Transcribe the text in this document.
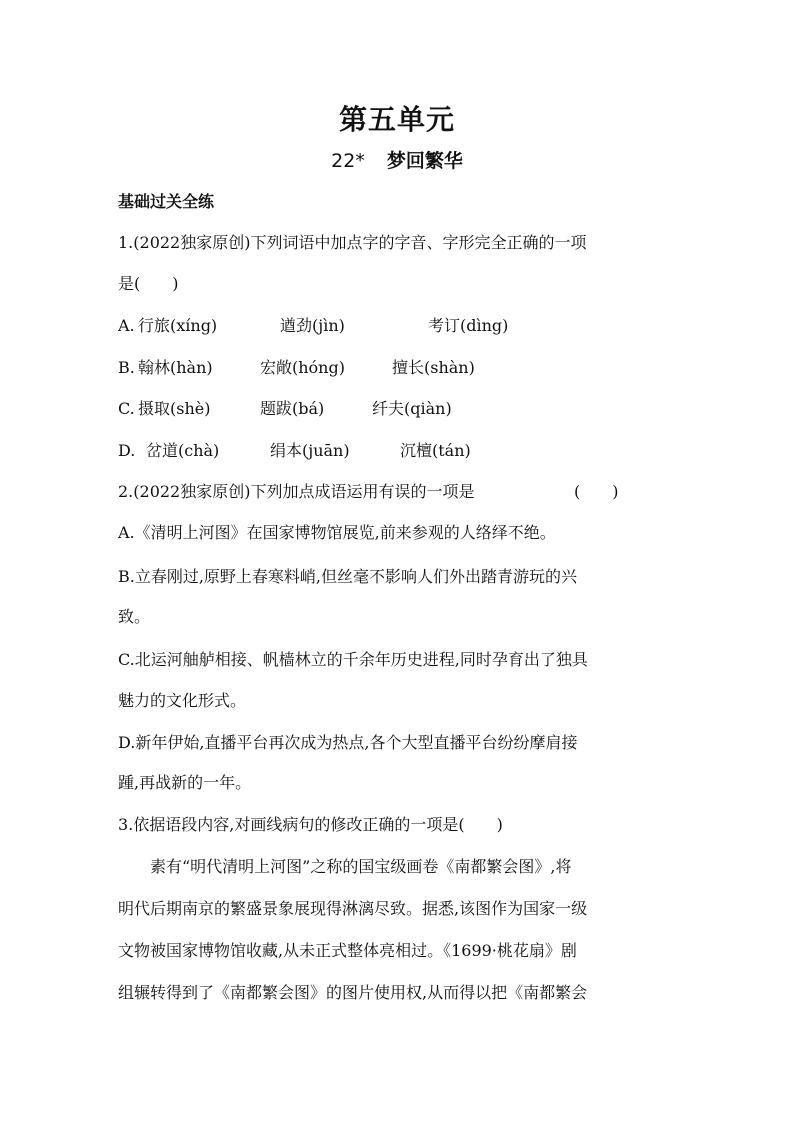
第五单元
22* 梦回繁华
基础过关全练
1.(2022独家原创)下列词语中加点字的字音、字形完全正确的一项
是(　　)
A. 行旅(xíng)	遒劲(jìn)	考订(dìng)
B. 翰林(hàn)	宏敞(hóng)	擅长(shàn)
C. 摄取(shè)	题跋(bá)	纤夫(qiàn)
D. 岔道(chà)	绢本(juān)	沉檀(tán)
2.(2022独家原创)下列加点成语运用有误的一项是	(　　)
A.《清明上河图》在国家博物馆展览,前来参观的人络绎不绝。
B.立春刚过,原野上春寒料峭,但丝毫不影响人们外出踏青游玩的兴
致。
C.北运河舳舻相接、帆樯林立的千余年历史进程,同时孕育出了独具
魅力的文化形式。
D.新年伊始,直播平台再次成为热点,各个大型直播平台纷纷摩肩接
踵,再战新的一年。
3.依据语段内容,对画线病句的修改正确的一项是(　　)
素有“明代清明上河图”之称的国宝级画卷《南都繁会图》,将
明代后期南京的繁盛景象展现得淋漓尽致。据悉,该图作为国家一级
文物被国家博物馆收藏,从未正式整体亮相过。《1699·桃花扇》剧
组辗转得到了《南都繁会图》的图片使用权,从而得以把《南都繁会
